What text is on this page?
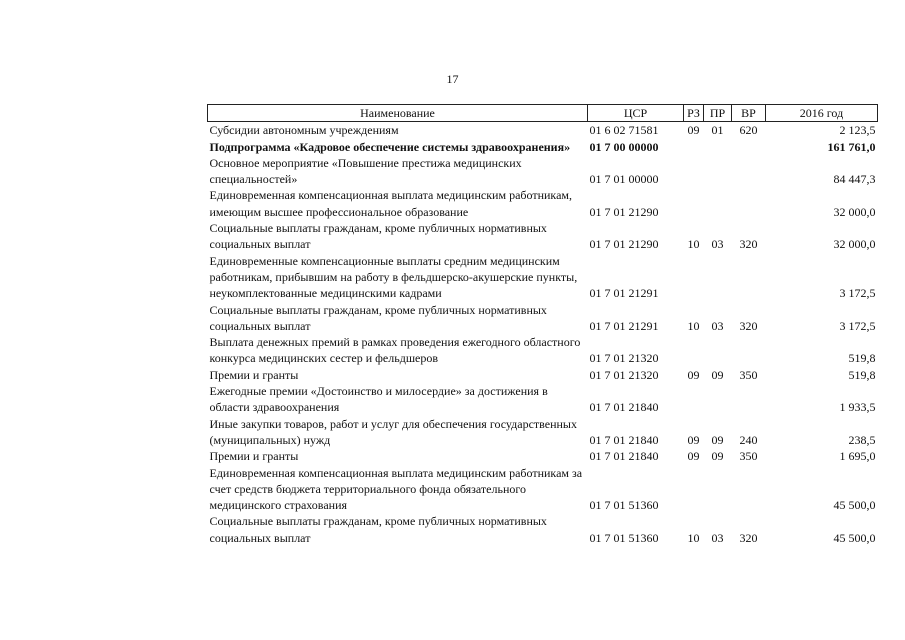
17
Наименование	ЦСР	РЗ	ПР	ВР	2016 год
Субсидии автономным учреждениям	01 6 02 71581	09	01	620	2 123,5
Подпрограмма «Кадровое обеспечение системы здравоохранения»	01 7 00 00000				161 761,0
Основное мероприятие «Повышение престижа медицинских специальностей»	01 7 01 00000				84 447,3
Единовременная компенсационная выплата медицинским работникам, имеющим высшее профессиональное образование	01 7 01 21290				32 000,0
Социальные выплаты гражданам, кроме публичных нормативных социальных выплат	01 7 01 21290	10	03	320	32 000,0
Единовременные компенсационные выплаты средним медицинским работникам, прибывшим на работу в фельдшерско-акушерские пункты, неукомплектованные медицинскими кадрами	01 7 01 21291				3 172,5
Социальные выплаты гражданам, кроме публичных нормативных социальных выплат	01 7 01 21291	10	03	320	3 172,5
Выплата денежных премий в рамках проведения ежегодного областного конкурса медицинских сестер и фельдшеров	01 7 01 21320				519,8
Премии и гранты	01 7 01 21320	09	09	350	519,8
Ежегодные премии «Достоинство и милосердие» за достижения в области здравоохранения	01 7 01 21840				1 933,5
Иные закупки товаров, работ и услуг для обеспечения государственных (муниципальных) нужд	01 7 01 21840	09	09	240	238,5
Премии и гранты	01 7 01 21840	09	09	350	1 695,0
Единовременная компенсационная выплата медицинским работникам за счет средств бюджета территориального фонда обязательного медицинского страхования	01 7 01 51360				45 500,0
Социальные выплаты гражданам, кроме публичных нормативных социальных выплат	01 7 01 51360	10	03	320	45 500,0
